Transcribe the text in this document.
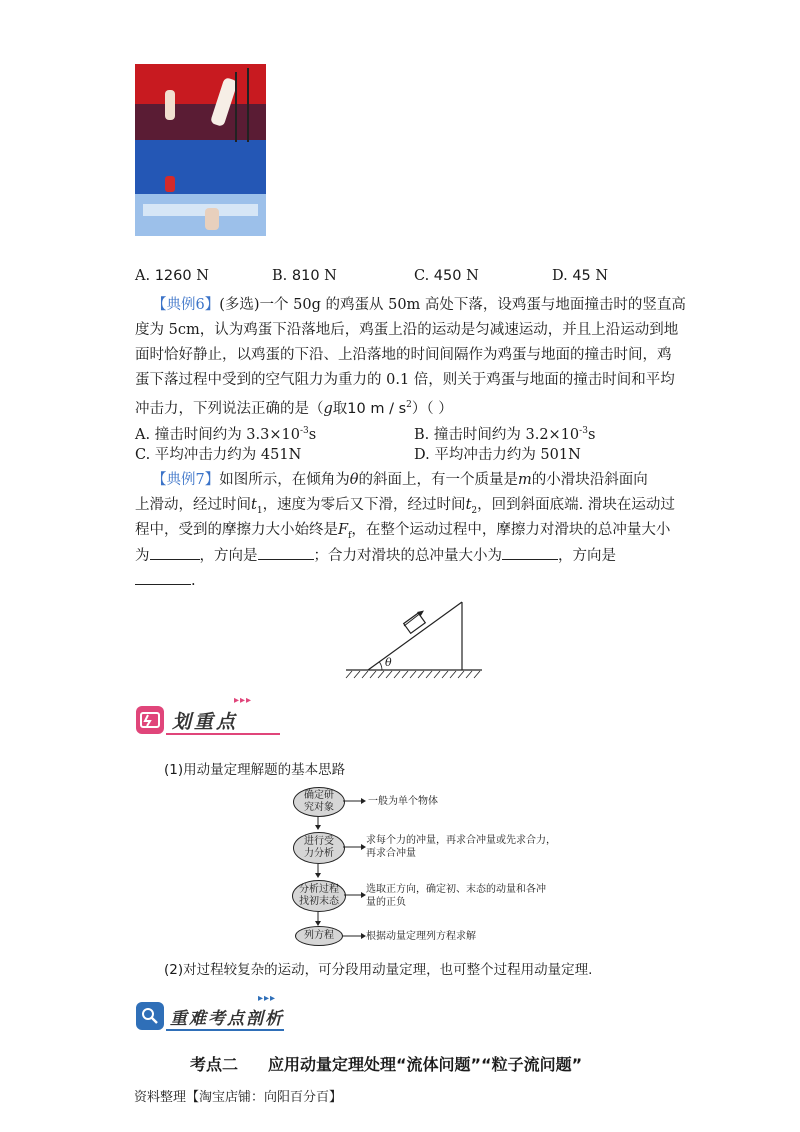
A. 1260 N	B. 810 N	C. 450 N	D. 45 N
【典例6】(多选)一个 50g 的鸡蛋从 50m 高处下落，设鸡蛋与地面撞击时的竖直高
度为 5cm，认为鸡蛋下沿落地后，鸡蛋上沿的运动是匀减速运动，并且上沿运动到地
面时恰好静止，以鸡蛋的下沿、上沿落地的时间间隔作为鸡蛋与地面的撞击时间，鸡
蛋下落过程中受到的空气阻力为重力的 0.1 倍，则关于鸡蛋与地面的撞击时间和平均
冲击力，下列说法正确的是（g取10 m / $s^2$）（ ）
A. 撞击时间约为 $3.3\times 10^{-3}s$	B. 撞击时间约为 $3.2\times 10^{-3}s$
C. 平均冲击力约为 451N	D. 平均冲击力约为 501N
【典例7】如图所示，在倾角为θ的斜面上，有一个质量是m的小滑块沿斜面向
上滑动，经过时间$t_1$，速度为零后又下滑，经过时间$t_2$，回到斜面底端. 滑块在运动过
程中，受到的摩擦力大小始终是$F_f$，在整个运动过程中，摩擦力对滑块的总冲量大小
为	，方向是	；合力对滑块的总冲量大小为	，方向是
.
θ
划重点
▸▸▸
(1)用动量定理解题的基本思路
确定研
究对象
进行受
力分析
分析过程
找初末态
列方程
一般为单个物体
求每个力的冲量，再求合冲量或先求合力，
再求合冲量
选取正方向，确定初、末态的动量和各冲
量的正负
根据动量定理列方程求解
(2)对过程较复杂的运动，可分段用动量定理，也可整个过程用动量定理.
重难考点剖析
▸▸▸
考点二 应用动量定理处理“流体问题”“粒子流问题”
资料整理【淘宝店铺：向阳百分百】
